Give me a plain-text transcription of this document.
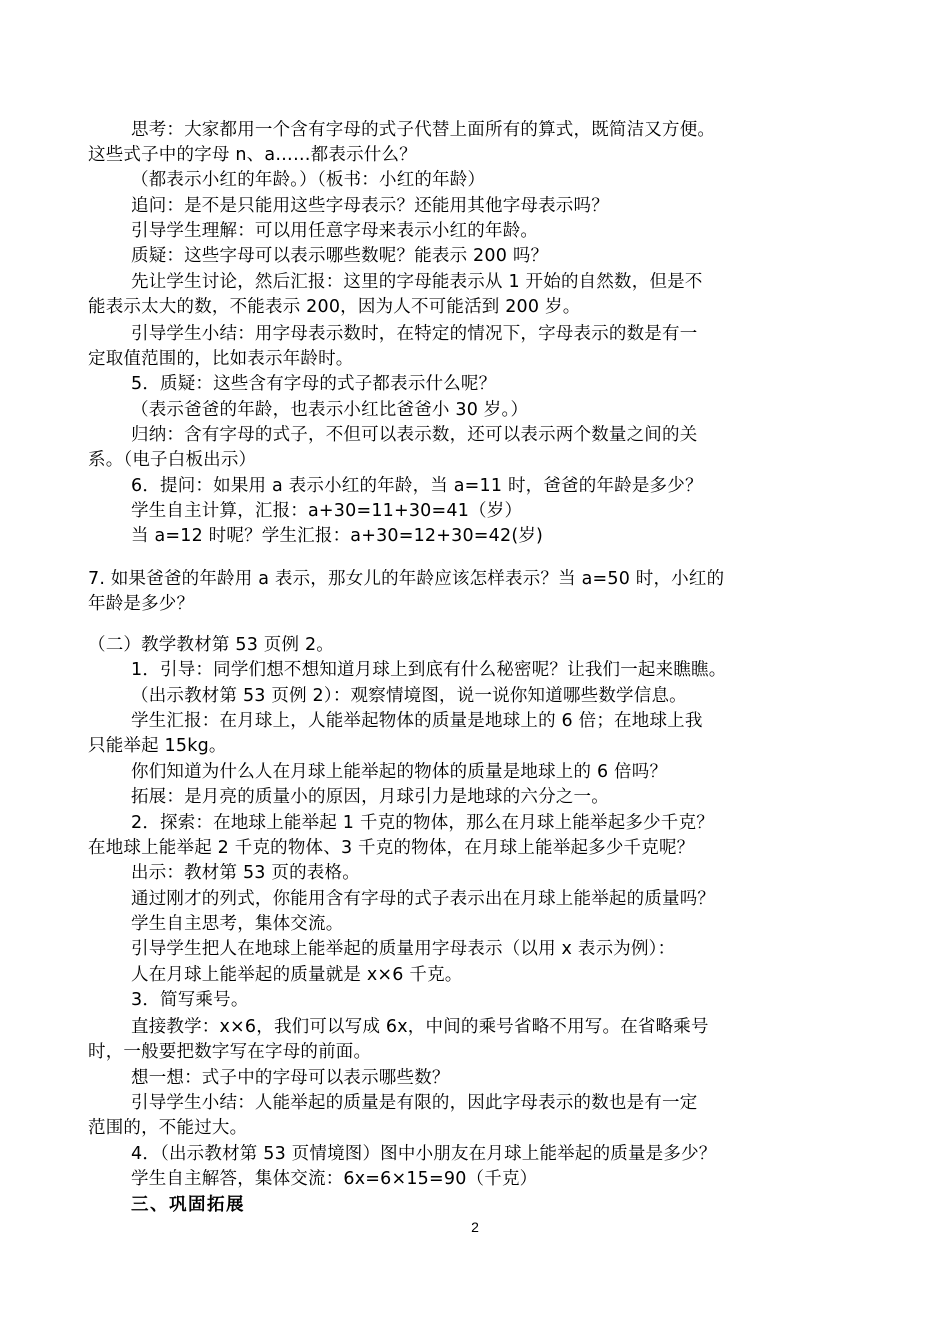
思考：大家都用一个含有字母的式子代替上面所有的算式，既简洁又方便。
这些式子中的字母 n、a……都表示什么？
（都表示小红的年龄。）（板书：小红的年龄）
追问：是不是只能用这些字母表示？还能用其他字母表示吗？
引导学生理解：可以用任意字母来表示小红的年龄。
质疑：这些字母可以表示哪些数呢？能表示 200 吗？
先让学生讨论，然后汇报：这里的字母能表示从 1 开始的自然数，但是不
能表示太大的数，不能表示 200，因为人不可能活到 200 岁。
引导学生小结：用字母表示数时，在特定的情况下，字母表示的数是有一
定取值范围的，比如表示年龄时。
5．质疑：这些含有字母的式子都表示什么呢？
（表示爸爸的年龄，也表示小红比爸爸小 30 岁。）
归纳：含有字母的式子，不但可以表示数，还可以表示两个数量之间的关
系。（电子白板出示）
6．提问：如果用 a 表示小红的年龄，当 a=11 时，爸爸的年龄是多少？
学生自主计算，汇报：a+30=11+30=41（岁）
当 a=12 时呢？学生汇报：a+30=12+30=42(岁)
7. 如果爸爸的年龄用 a 表示，那女儿的年龄应该怎样表示？当 a=50 时，小红的
年龄是多少？
（二）教学教材第 53 页例 2。
1．引导：同学们想不想知道月球上到底有什么秘密呢？让我们一起来瞧瞧。
（出示教材第 53 页例 2）：观察情境图，说一说你知道哪些数学信息。
学生汇报：在月球上，人能举起物体的质量是地球上的 6 倍；在地球上我
只能举起 15kg。
你们知道为什么人在月球上能举起的物体的质量是地球上的 6 倍吗？
拓展：是月亮的质量小的原因，月球引力是地球的六分之一。
2．探索：在地球上能举起 1 千克的物体，那么在月球上能举起多少千克？
在地球上能举起 2 千克的物体、3 千克的物体，在月球上能举起多少千克呢？
出示：教材第 53 页的表格。
通过刚才的列式，你能用含有字母的式子表示出在月球上能举起的质量吗？
学生自主思考，集体交流。
引导学生把人在地球上能举起的质量用字母表示（以用 x 表示为例）：
人在月球上能举起的质量就是 x×6 千克。
3．简写乘号。
直接教学：x×6，我们可以写成 6x，中间的乘号省略不用写。在省略乘号
时，一般要把数字写在字母的前面。
想一想：式子中的字母可以表示哪些数？
引导学生小结：人能举起的质量是有限的，因此字母表示的数也是有一定
范围的，不能过大。
4．（出示教材第 53 页情境图）图中小朋友在月球上能举起的质量是多少？
学生自主解答，集体交流：6x=6×15=90（千克）
三、巩固拓展
2
